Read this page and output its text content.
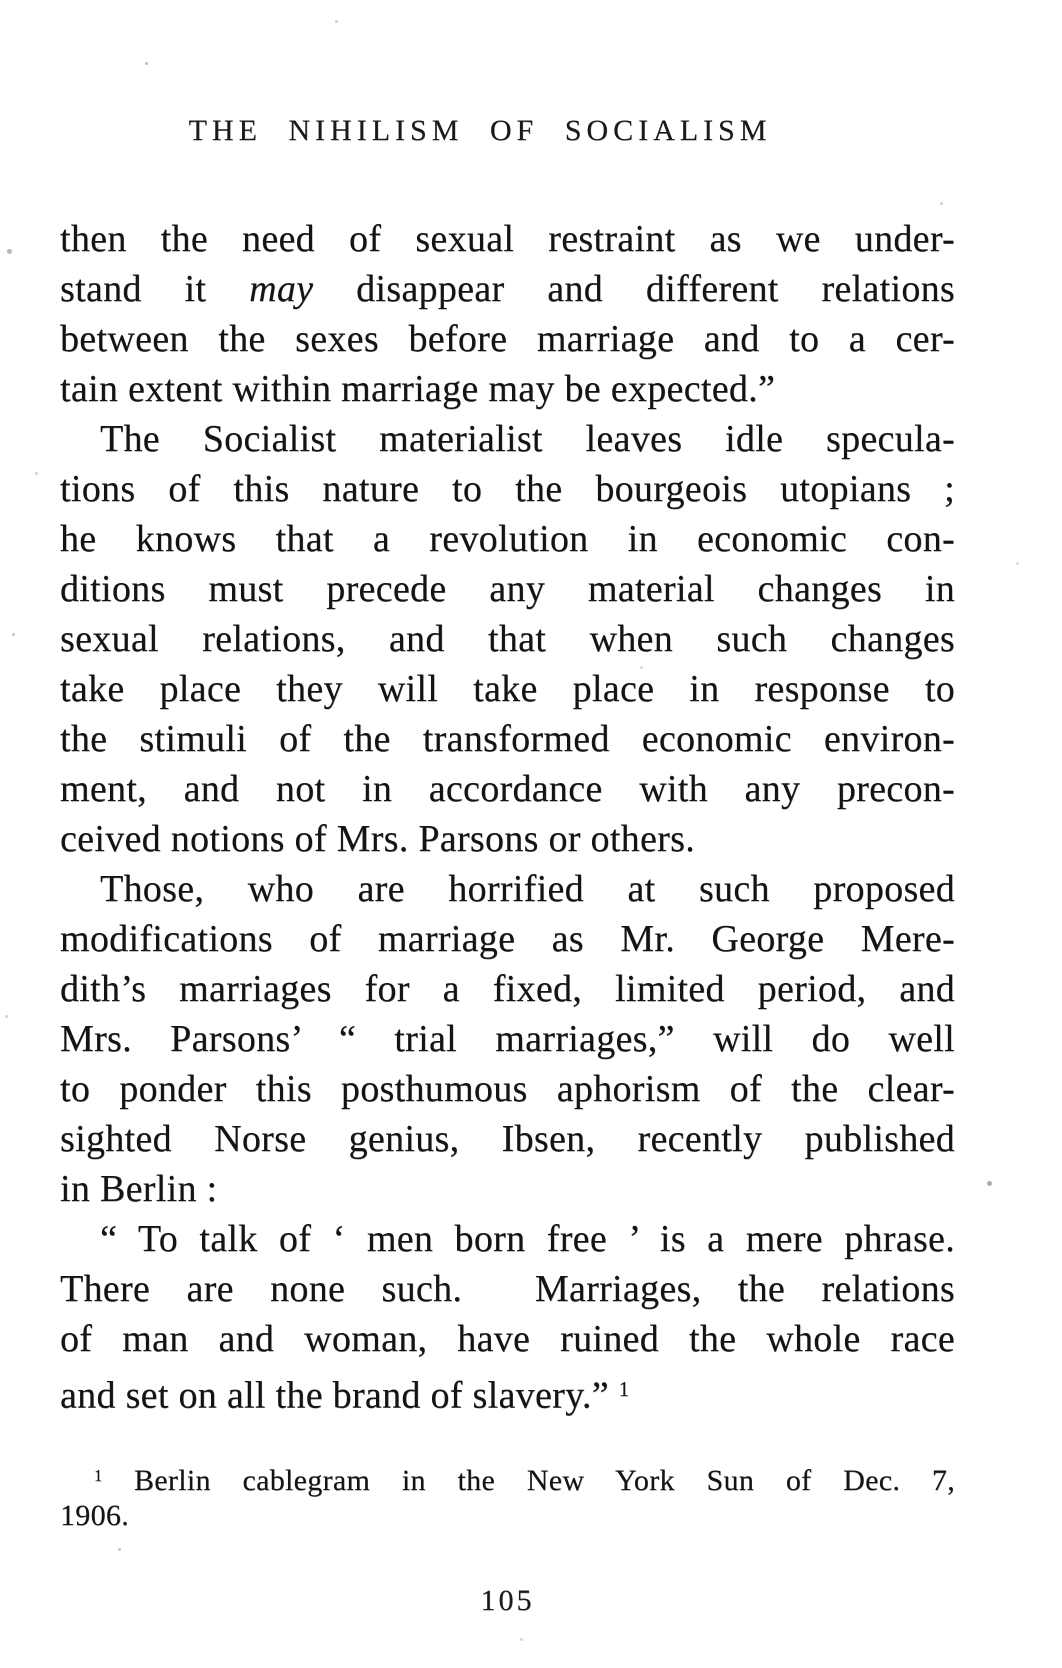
THE NIHILISM OF SOCIALISM
then the need of sexual restraint as we under-
stand it may disappear and different relations
between the sexes before marriage and to a cer-
tain extent within marriage may be expected.”
The Socialist materialist leaves idle specula-
tions of this nature to the bourgeois utopians ;
he knows that a revolution in economic con-
ditions must precede any material changes in
sexual relations, and that when such changes
take place they will take place in response to
the stimuli of the transformed economic environ-
ment, and not in accordance with any precon-
ceived notions of Mrs. Parsons or others.
Those, who are horrified at such proposed
modifications of marriage as Mr. George Mere-
dith’s marriages for a fixed, limited period, and
Mrs. Parsons’ “ trial marriages,” will do well
to ponder this posthumous aphorism of the clear-
sighted Norse genius, Ibsen, recently published
in Berlin :
“ To talk of ‘ men born free ’ is a mere phrase.
There are none such.  Marriages, the relations
of man and woman, have ruined the whole race
and set on all the brand of slavery.” $^1$
$^1$ Berlin cablegram in the New York Sun of Dec. 7,
1906.
105
